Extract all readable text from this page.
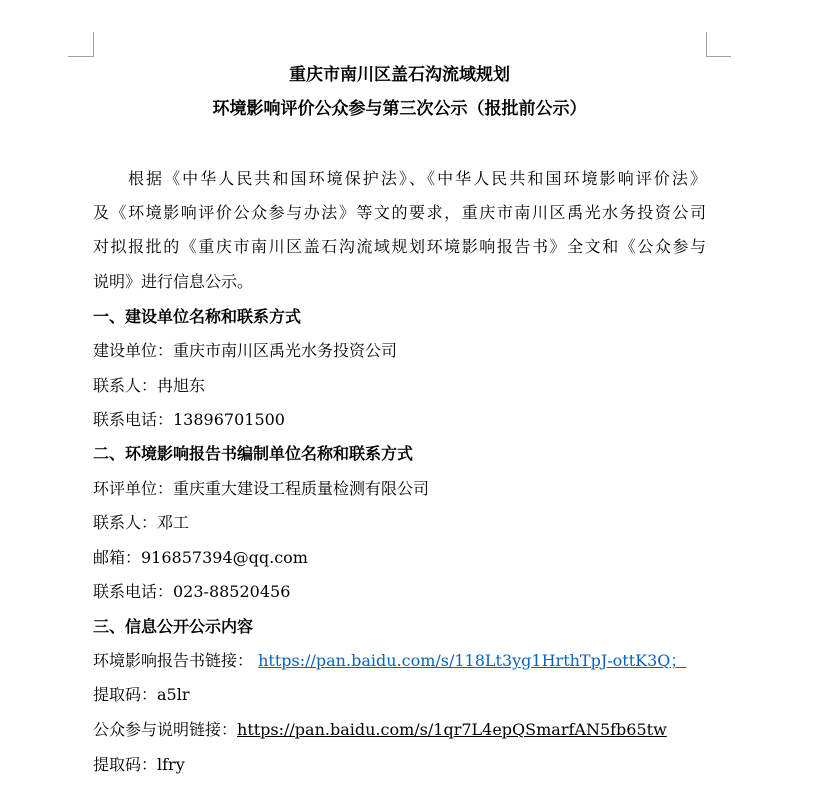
重庆市南川区盖石沟流域规划
环境影响评价公众参与第三次公示（报批前公示）
根据《中华人民共和国环境保护法》、《中华人民共和国环境影响评价法》
及《环境影响评价公众参与办法》等文的要求，重庆市南川区禹光水务投资公司
对拟报批的《重庆市南川区盖石沟流域规划环境影响报告书》全文和《公众参与
说明》进行信息公示。
一、建设单位名称和联系方式
建设单位：重庆市南川区禹光水务投资公司
联系人：冉旭东
联系电话：13896701500
二、环境影响报告书编制单位名称和联系方式
环评单位：重庆重大建设工程质量检测有限公司
联系人：邓工
邮箱：916857394@qq.com
联系电话：023-88520456
三、信息公开公示内容
环境影响报告书链接： https://pan.baidu.com/s/118Lt3yg1HrthTpJ-ottK3Q；
提取码：a5lr
公众参与说明链接：https://pan.baidu.com/s/1qr7L4epQSmarfAN5fb65tw
提取码：lfry
